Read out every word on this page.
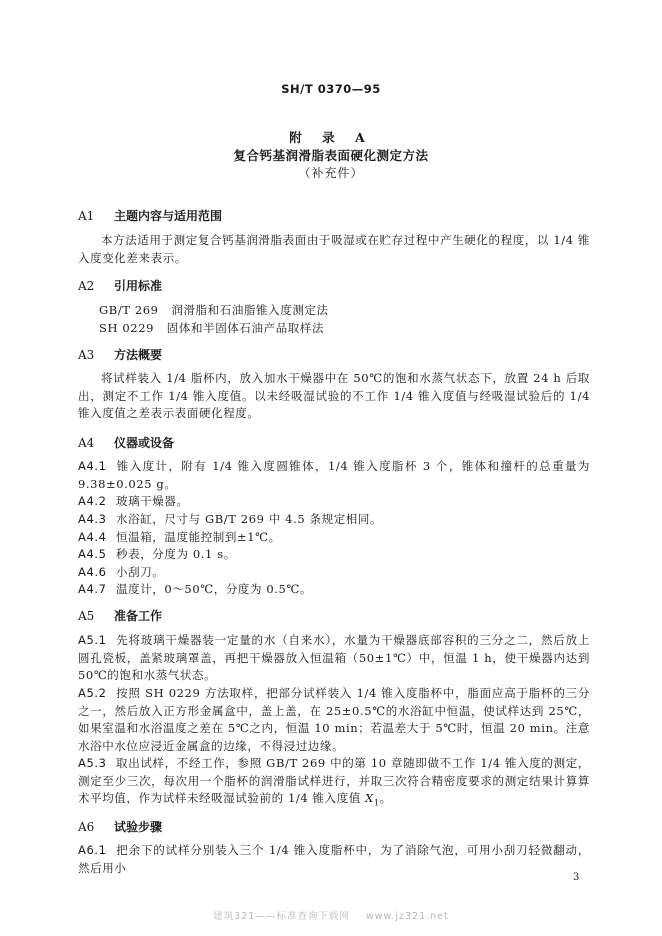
SH/T 0370—95
附 录 A
复合钙基润滑脂表面硬化测定方法
（补充件）
A1 主题内容与适用范围
本方法适用于测定复合钙基润滑脂表面由于吸湿或在贮存过程中产生硬化的程度，以 1/4 锥入度变化差来表示。
A2 引用标准
GB/T 269   润滑脂和石油脂锥入度测定法
SH 0229   固体和半固体石油产品取样法
A3 方法概要
将试样装入 1/4 脂杯内，放入加水干燥器中在 50℃的饱和水蒸气状态下，放置 24 h 后取出，测定不工作 1/4 锥入度值。以未经吸湿试验的不工作 1/4 锥入度值与经吸湿试验后的 1/4 锥入度值之差表示表面硬化程度。
A4 仪器或设备
A4.1 锥入度计，附有 1/4 锥入度圆锥体，1/4 锥入度脂杯 3 个，锥体和撞杆的总重量为 9.38±0.025 g。
A4.2 玻璃干燥器。
A4.3 水浴缸，尺寸与 GB/T 269 中 4.5 条规定相同。
A4.4 恒温箱，温度能控制到±1℃。
A4.5 秒表，分度为 0.1 s。
A4.6 小刮刀。
A4.7 温度计，0～50℃，分度为 0.5℃。
A5 准备工作
A5.1 先将玻璃干燥器装一定量的水（自来水），水量为干燥器底部容积的三分之二，然后放上圆孔瓷板，盖紧玻璃罩盖，再把干燥器放入恒温箱（50±1℃）中，恒温 1 h，使干燥器内达到 50℃的饱和水蒸气状态。
A5.2 按照 SH 0229 方法取样，把部分试样装入 1/4 锥入度脂杯中，脂面应高于脂杯的三分之一，然后放入正方形金属盒中，盖上盖，在 25±0.5℃的水浴缸中恒温，使试样达到 25℃，如果室温和水浴温度之差在 5℃之内，恒温 10 min；若温差大于 5℃时，恒温 20 min。注意水浴中水位应浸近金属盒的边缘，不得浸过边缘。
A5.3 取出试样，不经工作，参照 GB/T 269 中的第 10 章随即做不工作 1/4 锥入度的测定，测定至少三次，每次用一个脂杯的润滑脂试样进行，并取三次符合精密度要求的测定结果计算算术平均值，作为试样未经吸湿试验前的 1/4 锥入度值 $X_1$。
A6 试验步骤
A6.1 把余下的试样分别装入三个 1/4 锥入度脂杯中，为了消除气泡，可用小刮刀轻微翻动，然后用小
3
建筑321——标准查询下载网    www.jz321.net
